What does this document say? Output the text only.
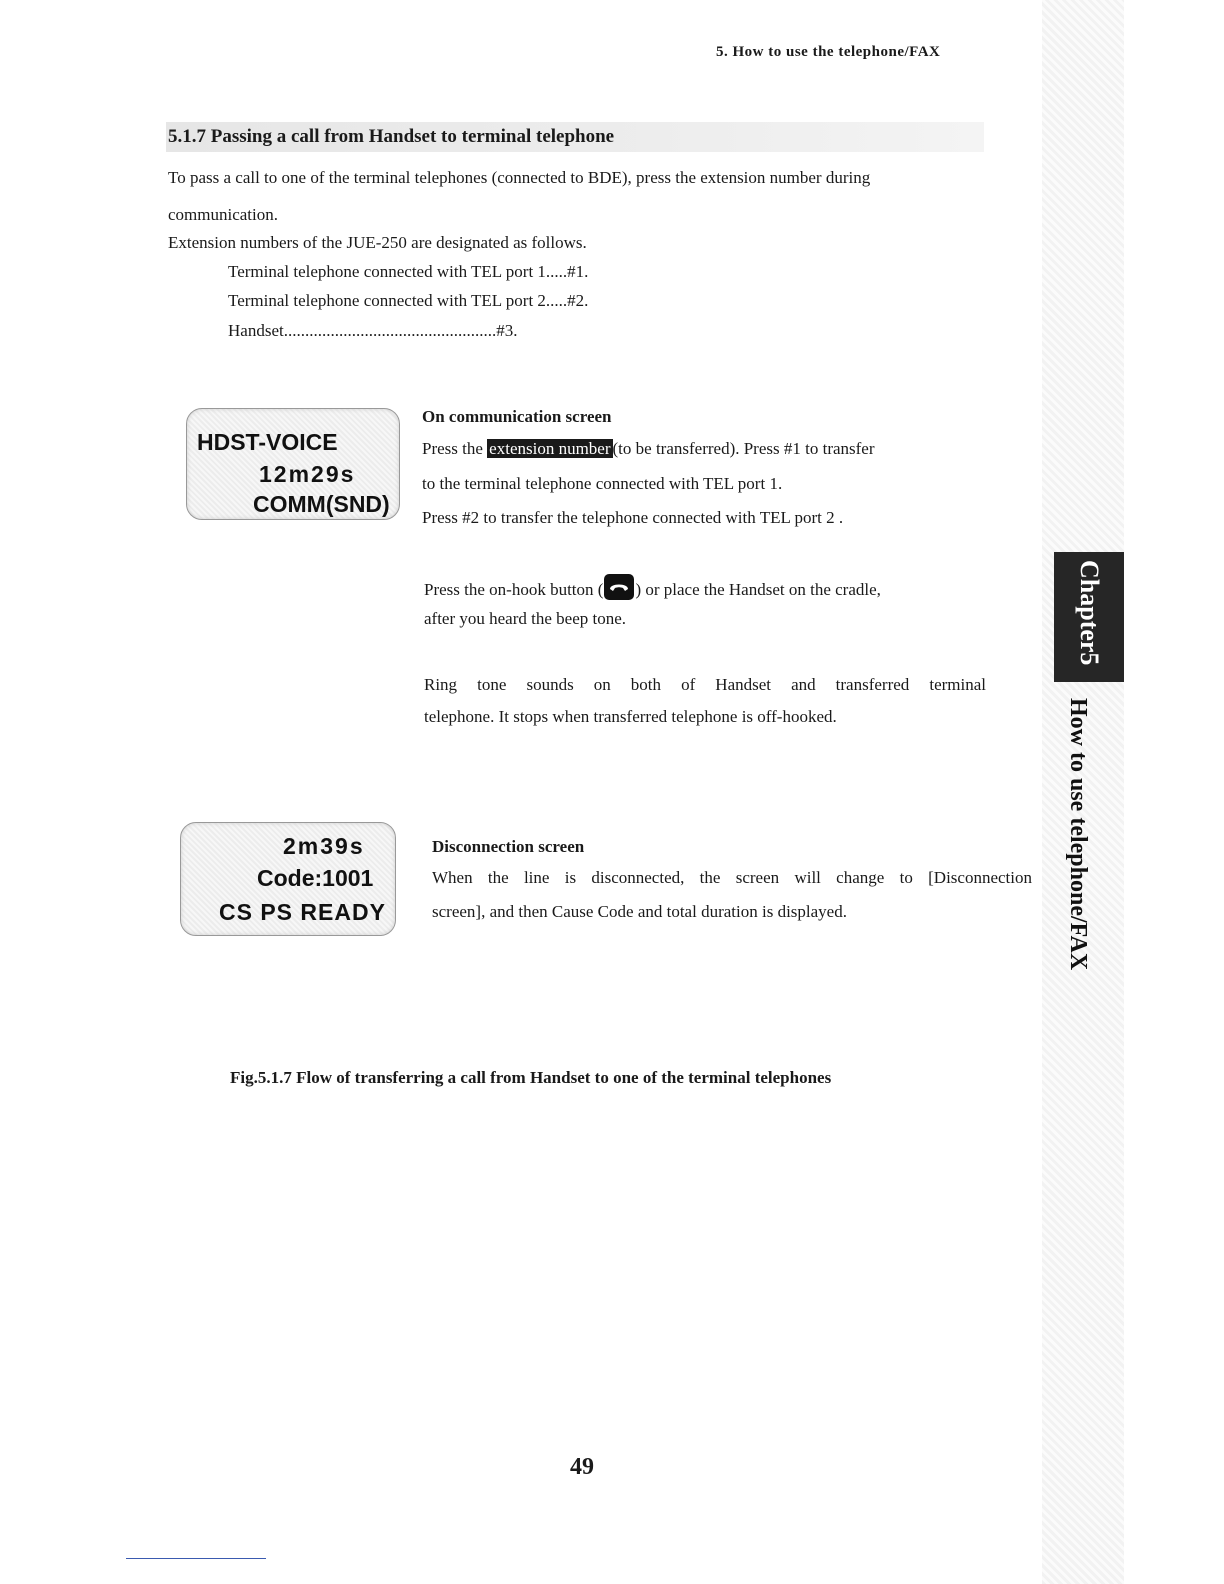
5. How to use the telephone/FAX
5.1.7 Passing a call from Handset to terminal telephone
To pass a call to one of the terminal telephones (connected to BDE), press the extension number during
communication.
Extension numbers of the JUE-250 are designated as follows.
Terminal telephone connected with TEL port 1.....#1.
Terminal telephone connected with TEL port 2.....#2.
Handset..................................................#3.
HDST-VOICE
12m29s
COMM(SND)
On communication screen
Press the extension number (to be transferred). Press #1 to transfer
to the terminal telephone connected with TEL port 1.
Press #2 to transfer the telephone connected with TEL port 2 .
Press the on-hook button ( ) or place the Handset on the cradle,
after you heard the beep tone.
Ring tone sounds on both of Handset and transferred terminal
telephone. It stops when transferred telephone is off-hooked.
2m39s
Code:1001
CS PS READY
Disconnection screen
When the line is disconnected, the screen will change to [Disconnection
screen], and then Cause Code and total duration is displayed.
Fig.5.1.7 Flow of transferring a call from Handset to one of the terminal telephones
49
Chapter5
How to use telephone/FAX
